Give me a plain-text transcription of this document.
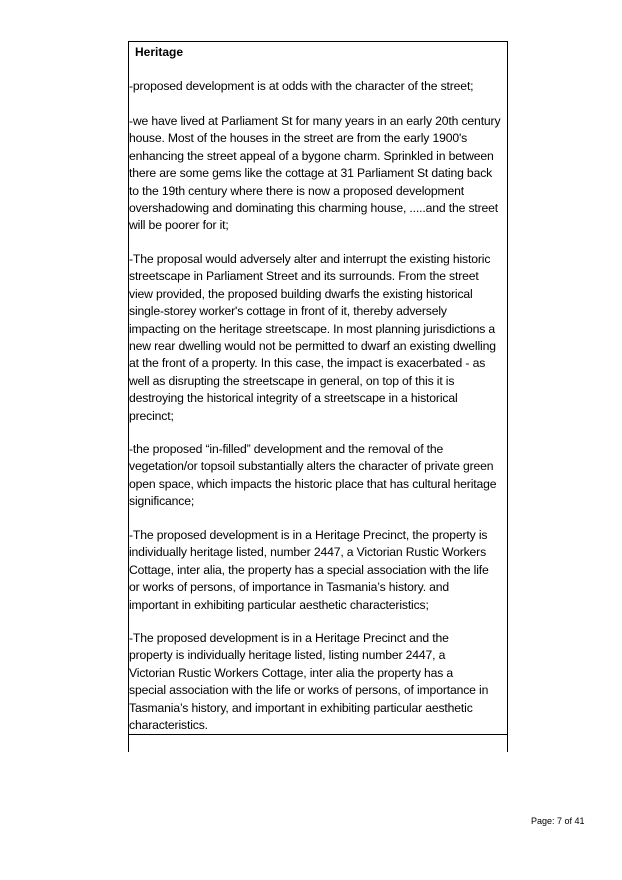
Heritage
-proposed development is at odds with the character of the street;
-we have lived at Parliament St for many years in an early 20th century
house. Most of the houses in the street are from the early 1900's
enhancing the street appeal of a bygone charm. Sprinkled in between
there are some gems like the cottage at 31 Parliament St dating back
to the 19th century where there is now a proposed development
overshadowing and dominating this charming house, .....and the street
will be poorer for it;
-The proposal would adversely alter and interrupt the existing historic
streetscape in Parliament Street and its surrounds. From the street
view provided, the proposed building dwarfs the existing historical
single-storey worker's cottage in front of it, thereby adversely
impacting on the heritage streetscape. In most planning jurisdictions a
new rear dwelling would not be permitted to dwarf an existing dwelling
at the front of a property. In this case, the impact is exacerbated - as
well as disrupting the streetscape in general, on top of this it is
destroying the historical integrity of a streetscape in a historical
precinct;
-the proposed “in-filled” development and the removal of the
vegetation/or topsoil substantially alters the character of private green
open space, which impacts the historic place that has cultural heritage
significance;
-The proposed development is in a Heritage Precinct, the property is
individually heritage listed, number 2447, a Victorian Rustic Workers
Cottage, inter alia, the property has a special association with the life
or works of persons, of importance in Tasmania’s history. and
important in exhibiting particular aesthetic characteristics;
-The proposed development is in a Heritage Precinct and the
property is individually heritage listed, listing number 2447, a
Victorian Rustic Workers Cottage, inter alia the property has a
special association with the life or works of persons, of importance in
Tasmania’s history, and important in exhibiting particular aesthetic
characteristics.
Page: 7 of 41
